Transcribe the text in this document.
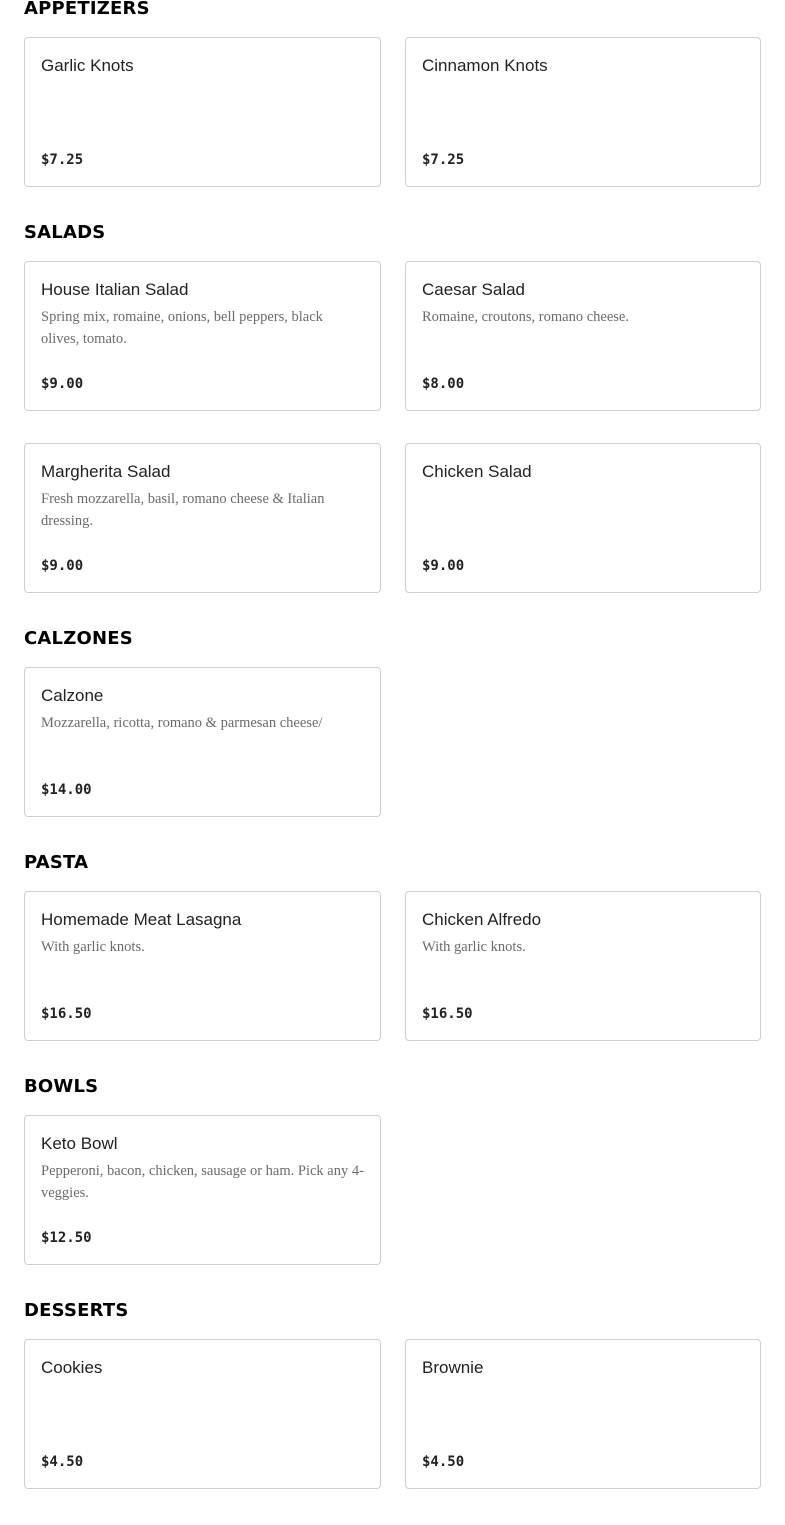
APPETIZERS
Garlic Knots
$7.25
Cinnamon Knots
$7.25
SALADS
House Italian Salad
Spring mix, romaine, onions, bell peppers, black olives, tomato.
$9.00
Caesar Salad
Romaine, croutons, romano cheese.
$8.00
Margherita Salad
Fresh mozzarella, basil, romano cheese & Italian dressing.
$9.00
Chicken Salad
$9.00
CALZONES
Calzone
Mozzarella, ricotta, romano & parmesan cheese/
$14.00
PASTA
Homemade Meat Lasagna
With garlic knots.
$16.50
Chicken Alfredo
With garlic knots.
$16.50
BOWLS
Keto Bowl
Pepperoni, bacon, chicken, sausage or ham. Pick any 4-veggies.
$12.50
DESSERTS
Cookies
$4.50
Brownie
$4.50
